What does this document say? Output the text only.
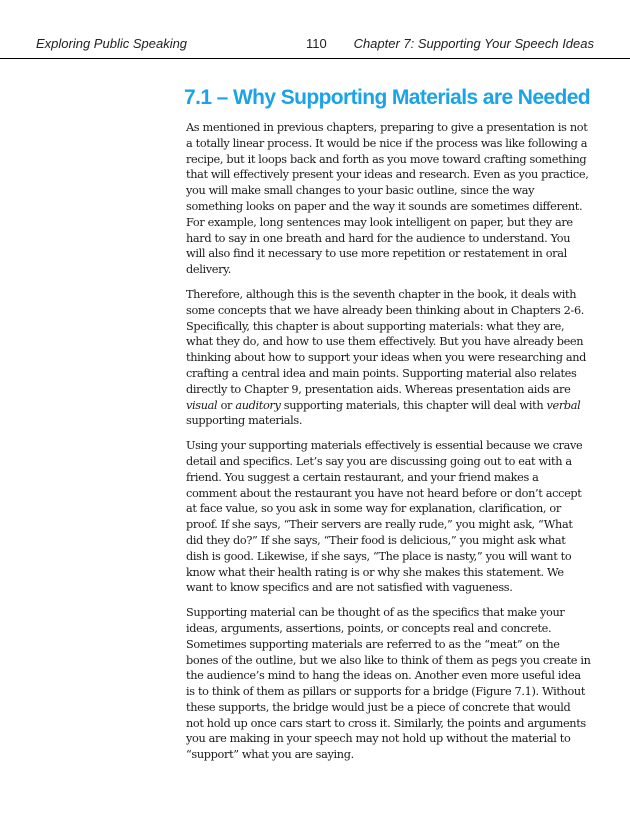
Exploring Public Speaking	110 Chapter 7: Supporting Your Speech Ideas
7.1 – Why Supporting Materials are Needed

As mentioned in previous chapters, preparing to give a presentation is not a totally linear process. It would be nice if the process was like following a recipe, but it loops back and forth as you move toward crafting something that will effectively present your ideas and research. Even as you practice, you will make small changes to your basic outline, since the way something looks on paper and the way it sounds are sometimes different. For example, long sentences may look intelligent on paper, but they are hard to say in one breath and hard for the audience to understand. You will also find it necessary to use more repetition or restatement in oral delivery.

Therefore, although this is the seventh chapter in the book, it deals with some concepts that we have already been thinking about in Chapters 2-6. Specifically, this chapter is about supporting materials: what they are, what they do, and how to use them effectively. But you have already been thinking about how to support your ideas when you were researching and crafting a central idea and main points. Supporting material also relates directly to Chapter 9, presentation aids. Whereas presentation aids are visual or auditory supporting materials, this chapter will deal with verbal supporting materials.

Using your supporting materials effectively is essential because we crave detail and specifics. Let’s say you are discussing going out to eat with a friend. You suggest a certain restaurant, and your friend makes a comment about the restaurant you have not heard before or don’t accept at face value, so you ask in some way for explanation, clarification, or proof. If she says, “Their servers are really rude,” you might ask, “What did they do?” If she says, “Their food is delicious,” you might ask what dish is good. Likewise, if she says, “The place is nasty,” you will want to know what their health rating is or why she makes this statement. We want to know specifics and are not satisfied with vagueness.

Supporting material can be thought of as the specifics that make your ideas, arguments, assertions, points, or concepts real and concrete. Sometimes supporting materials are referred to as the “meat” on the bones of the outline, but we also like to think of them as pegs you create in the audience’s mind to hang the ideas on. Another even more useful idea is to think of them as pillars or supports for a bridge (Figure 7.1). Without these supports, the bridge would just be a piece of concrete that would not hold up once cars start to cross it. Similarly, the points and arguments you are making in your speech may not hold up without the material to “support” what you are saying.
